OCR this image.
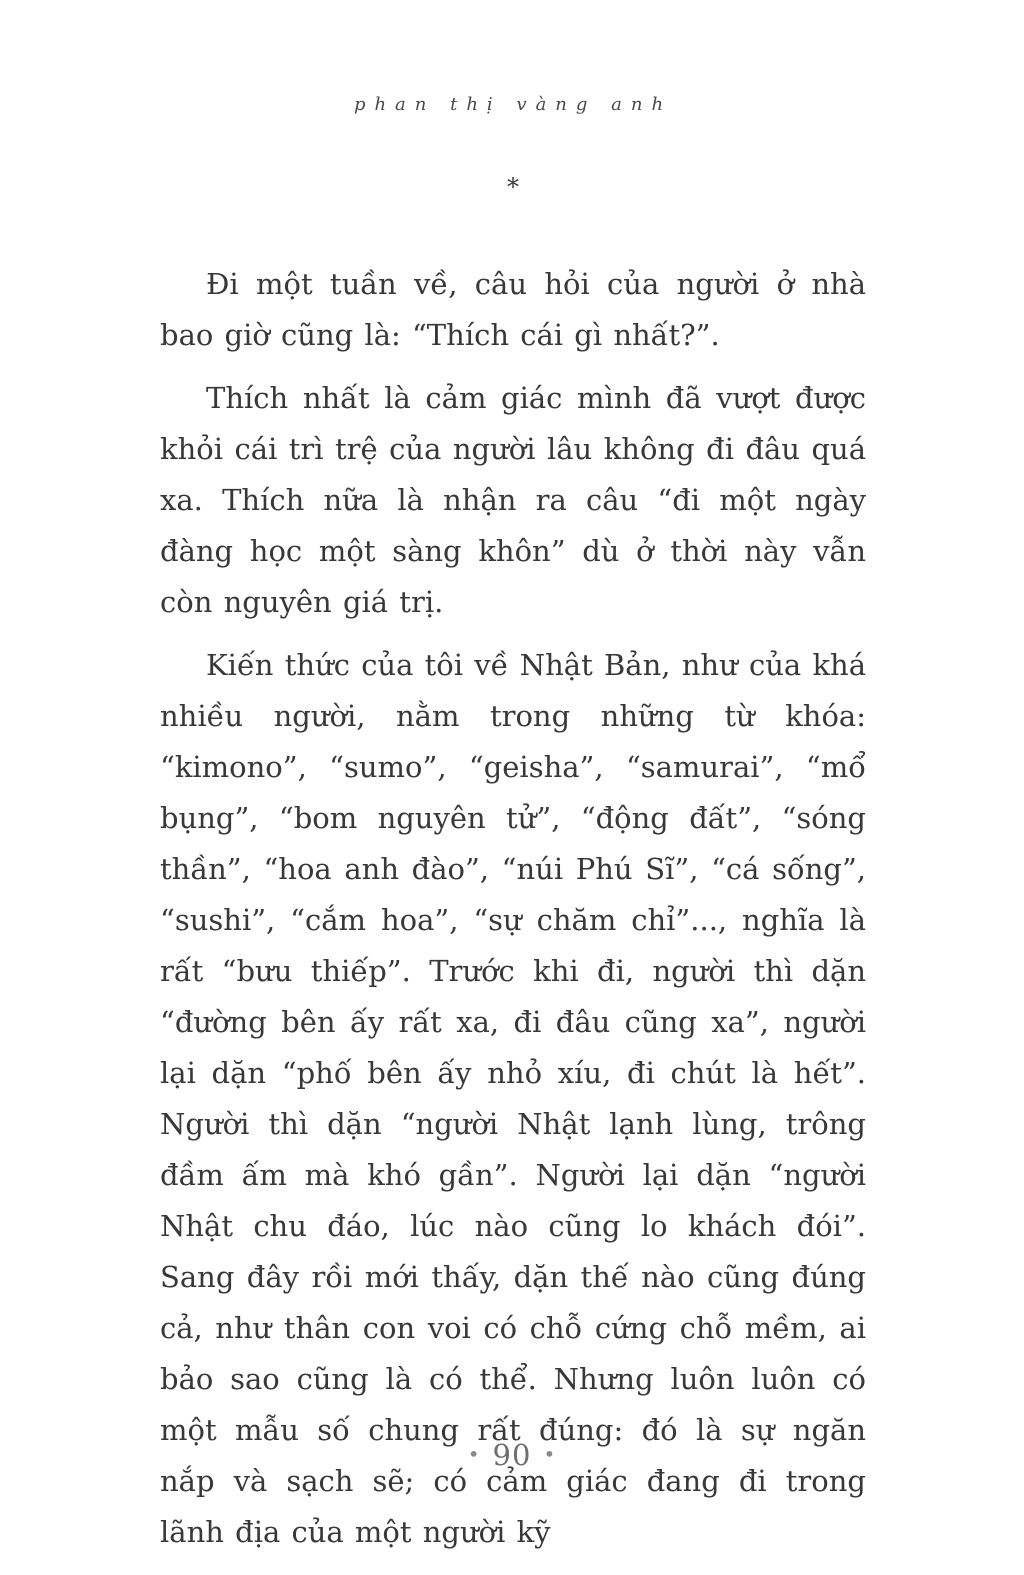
phan thị vàng anh
*

Đi một tuần về, câu hỏi của người ở nhà bao giờ cũng là: “Thích cái gì nhất?”.

Thích nhất là cảm giác mình đã vượt được khỏi cái trì trệ của người lâu không đi đâu quá xa. Thích nữa là nhận ra câu “đi một ngày đàng học một sàng khôn” dù ở thời này vẫn còn nguyên giá trị.

Kiến thức của tôi về Nhật Bản, như của khá nhiều người, nằm trong những từ khóa: “kimono”, “sumo”, “geisha”, “samurai”, “mổ bụng”, “bom nguyên tử”, “động đất”, “sóng thần”, “hoa anh đào”, “núi Phú Sĩ”, “cá sống”, “sushi”, “cắm hoa”, “sự chăm chỉ”..., nghĩa là rất “bưu thiếp”. Trước khi đi, người thì dặn “đường bên ấy rất xa, đi đâu cũng xa”, người lại dặn “phố bên ấy nhỏ xíu, đi chút là hết”. Người thì dặn “người Nhật lạnh lùng, trông đầm ấm mà khó gần”. Người lại dặn “người Nhật chu đáo, lúc nào cũng lo khách đói”. Sang đây rồi mới thấy, dặn thế nào cũng đúng cả, như thân con voi có chỗ cứng chỗ mềm, ai bảo sao cũng là có thể. Nhưng luôn luôn có một mẫu số chung rất đúng: đó là sự ngăn nắp và sạch sẽ; có cảm giác đang đi trong lãnh địa của một người kỹ

• 90 •
